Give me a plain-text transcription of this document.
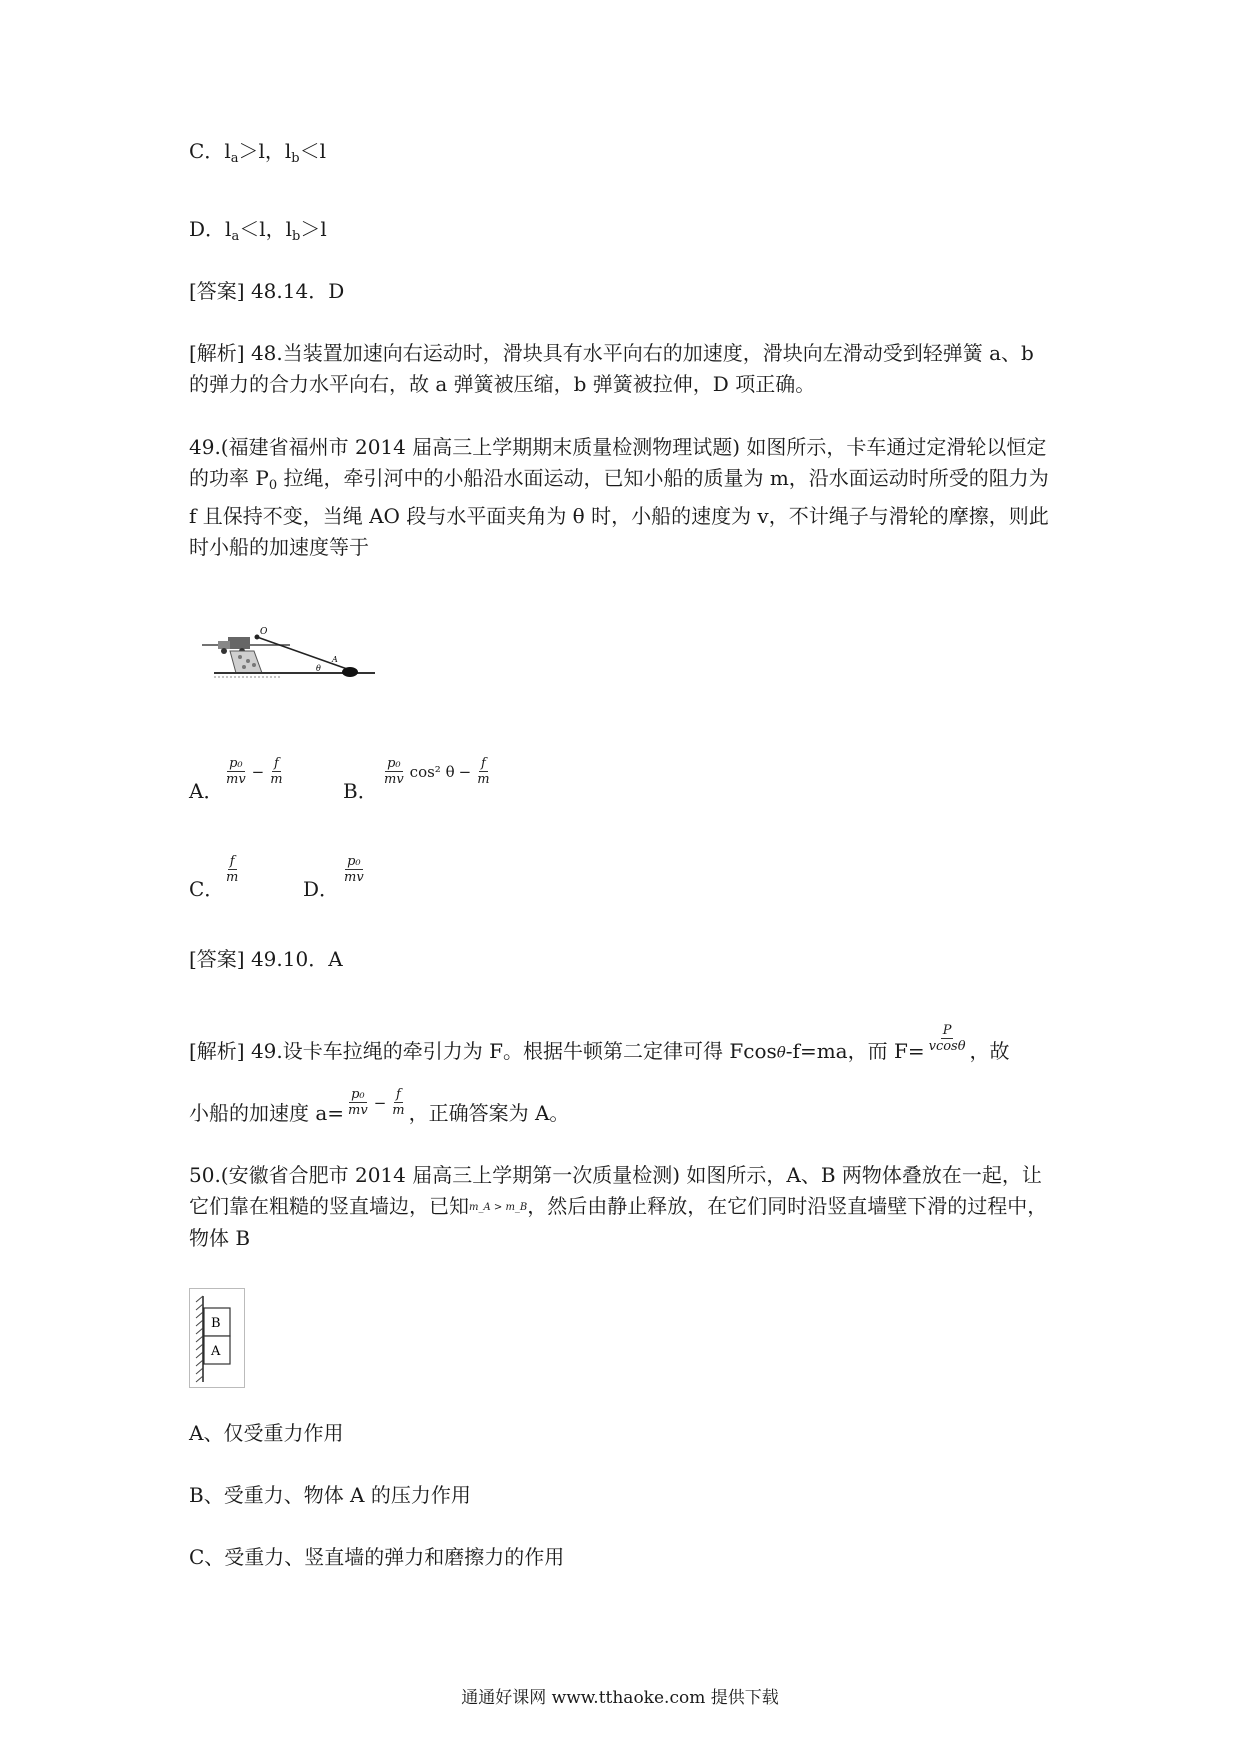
C．$l_a>l$，$l_b<l$
D．$l_a<l$，$l_b>l$
[答案] 48.14．D
[解析] 48.当装置加速向右运动时，滑块具有水平向右的加速度，滑块向左滑动受到轻弹簧 a、b 的弹力的合力水平向右，故 a 弹簧被压缩，b 弹簧被拉伸，D 项正确。
49.(福建省福州市 2014 届高三上学期期末质量检测物理试题) 如图所示，卡车通过定滑轮以恒定的功率 $P_0$ 拉绳，牵引河中的小船沿水面运动，已知小船的质量为 m，沿水面运动时所受的阻力为 f 且保持不变，当绳 AO 段与水平面夹角为 θ 时，小船的速度为 v，不计绳子与滑轮的摩擦，则此时小船的加速度等于
O
A
θ
A．
$\frac{\text{p₀}}{mv} - \frac{f}{m}$
B．
$\frac{\text{p₀}}{mv} \cos^2$ $\theta - \frac{f}{m}$
C．
$\frac{f}{m}$
D．
$\frac{\text{p₀}}{mv}$
[答案] 49.10．A
[解析] 49.设卡车拉绳的牵引力为 F。根据牛顿第二定律可得 Fcosθ-f=ma，而 $F= \frac{P}{vcos\theta}$ ，故
小船的加速度 $a= \frac{\text{p₀}}{mv} - \frac{f}{m}$ ，正确答案为 A。
50.(安徽省合肥市 2014 届高三上学期第一次质量检测) 如图所示，A、B 两物体叠放在一起，让它们靠在粗糙的竖直墙边，已知m_A > m_B，然后由静止释放，在它们同时沿竖直墙壁下滑的过程中，物体 B
B
A
A、仅受重力作用
B、受重力、物体 A 的压力作用
C、受重力、竖直墙的弹力和磨擦力的作用
通通好课网 www.tthaoke.com 提供下载
